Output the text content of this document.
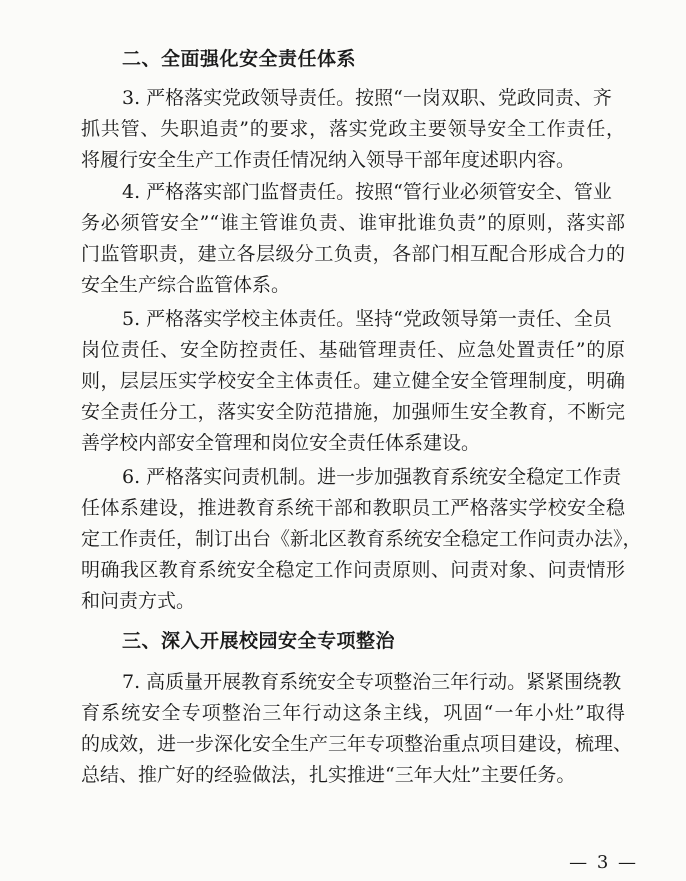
二、全面强化安全责任体系
3. 严格落实党政领导责任。按照“一岗双职、党政同责、齐
抓共管、失职追责”的要求，落实党政主要领导安全工作责任，
将履行安全生产工作责任情况纳入领导干部年度述职内容。
4. 严格落实部门监督责任。按照“管行业必须管安全、管业
务必须管安全”“谁主管谁负责、谁审批谁负责”的原则，落实部
门监管职责，建立各层级分工负责，各部门相互配合形成合力的
安全生产综合监管体系。
5. 严格落实学校主体责任。坚持“党政领导第一责任、全员
岗位责任、安全防控责任、基础管理责任、应急处置责任”的原
则，层层压实学校安全主体责任。建立健全安全管理制度，明确
安全责任分工，落实安全防范措施，加强师生安全教育，不断完
善学校内部安全管理和岗位安全责任体系建设。
6. 严格落实问责机制。进一步加强教育系统安全稳定工作责
任体系建设，推进教育系统干部和教职员工严格落实学校安全稳
定工作责任，制订出台《新北区教育系统安全稳定工作问责办法》，
明确我区教育系统安全稳定工作问责原则、问责对象、问责情形
和问责方式。
三、深入开展校园安全专项整治
7. 高质量开展教育系统安全专项整治三年行动。紧紧围绕教
育系统安全专项整治三年行动这条主线，巩固“一年小灶”取得
的成效，进一步深化安全生产三年专项整治重点项目建设，梳理、
总结、推广好的经验做法，扎实推进“三年大灶”主要任务。
— 3 —
